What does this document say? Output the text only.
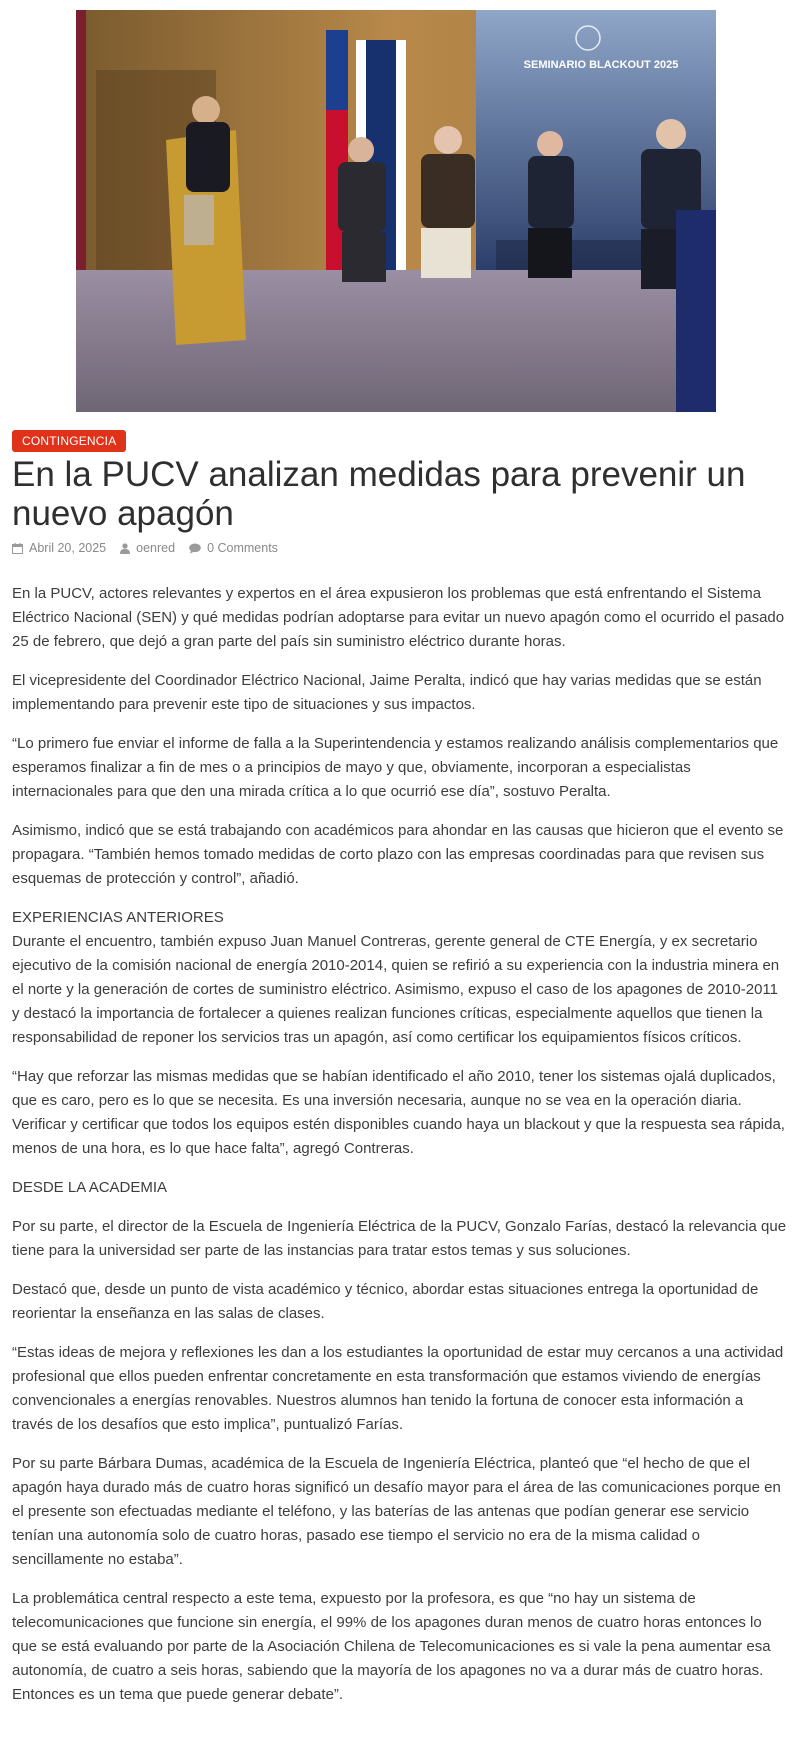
SEMINARIO BLACKOUT 2025
CONTINGENCIA
En la PUCV analizan medidas para prevenir un nuevo apagón
Abril 20, 2025 oenred	0 Comments

En la PUCV, actores relevantes y expertos en el área expusieron los problemas que está enfrentando el Sistema Eléctrico Nacional (SEN) y qué medidas podrían adoptarse para evitar un nuevo apagón como el ocurrido el pasado 25 de febrero, que dejó a gran parte del país sin suministro eléctrico durante horas.

El vicepresidente del Coordinador Eléctrico Nacional, Jaime Peralta, indicó que hay varias medidas que se están implementando para prevenir este tipo de situaciones y sus impactos.

“Lo primero fue enviar el informe de falla a la Superintendencia y estamos realizando análisis complementarios que esperamos finalizar a fin de mes o a principios de mayo y que, obviamente, incorporan a especialistas internacionales para que den una mirada crítica a lo que ocurrió ese día”, sostuvo Peralta.

Asimismo, indicó que se está trabajando con académicos para ahondar en las causas que hicieron que el evento se propagara. “También hemos tomado medidas de corto plazo con las empresas coordinadas para que revisen sus esquemas de protección y control”, añadió.

EXPERIENCIAS ANTERIORES
Durante el encuentro, también expuso Juan Manuel Contreras, gerente general de CTE Energía, y ex secretario ejecutivo de la comisión nacional de energía 2010-2014, quien se refirió a su experiencia con la industria minera en el norte y la generación de cortes de suministro eléctrico. Asimismo, expuso el caso de los apagones de 2010-2011 y destacó la importancia de fortalecer a quienes realizan funciones críticas, especialmente aquellos que tienen la responsabilidad de reponer los servicios tras un apagón, así como certificar los equipamientos físicos críticos.

“Hay que reforzar las mismas medidas que se habían identificado el año 2010, tener los sistemas ojalá duplicados, que es caro, pero es lo que se necesita. Es una inversión necesaria, aunque no se vea en la operación diaria. Verificar y certificar que todos los equipos estén disponibles cuando haya un blackout y que la respuesta sea rápida, menos de una hora, es lo que hace falta”, agregó Contreras.

DESDE LA ACADEMIA

Por su parte, el director de la Escuela de Ingeniería Eléctrica de la PUCV, Gonzalo Farías, destacó la relevancia que tiene para la universidad ser parte de las instancias para tratar estos temas y sus soluciones.

Destacó que, desde un punto de vista académico y técnico, abordar estas situaciones entrega la oportunidad de reorientar la enseñanza en las salas de clases.

“Estas ideas de mejora y reflexiones les dan a los estudiantes la oportunidad de estar muy cercanos a una actividad profesional que ellos pueden enfrentar concretamente en esta transformación que estamos viviendo de energías convencionales a energías renovables. Nuestros alumnos han tenido la fortuna de conocer esta información a través de los desafíos que esto implica”, puntualizó Farías.

Por su parte Bárbara Dumas, académica de la Escuela de Ingeniería Eléctrica, planteó que “el hecho de que el apagón haya durado más de cuatro horas significó un desafío mayor para el área de las comunicaciones porque en el presente son efectuadas mediante el teléfono, y las baterías de las antenas que podían generar ese servicio tenían una autonomía solo de cuatro horas, pasado ese tiempo el servicio no era de la misma calidad o sencillamente no estaba”.

La problemática central respecto a este tema, expuesto por la profesora, es que “no hay un sistema de telecomunicaciones que funcione sin energía, el 99% de los apagones duran menos de cuatro horas entonces lo que se está evaluando por parte de la Asociación Chilena de Telecomunicaciones es si vale la pena aumentar esa autonomía, de cuatro a seis horas, sabiendo que la mayoría de los apagones no va a durar más de cuatro horas. Entonces es un tema que puede generar debate”.
